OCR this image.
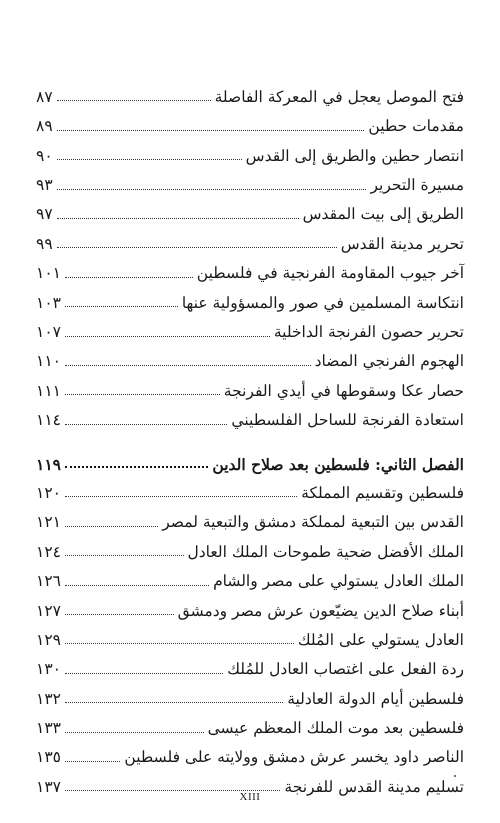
فتح الموصل يعجل في المعركة الفاصلة
٨٧
مقدمات حطين
٨٩
انتصار حطين والطريق إلى القدس
٩٠
مسيرة التحرير
٩٣
الطريق إلى بيت المقدس
٩٧
تحرير مدينة القدس
٩٩
آخر جيوب المقاومة الفرنجية في فلسطين
١٠١
انتكاسة المسلمين في صور والمسؤولية عنها
١٠٣
تحرير حصون الفرنجة الداخلية
١٠٧
الهجوم الفرنجي المضاد
١١٠
حصار عكا وسقوطها في أيدي الفرنجة
١١١
استعادة الفرنجة للساحل الفلسطيني
١١٤
الفصل الثاني: فلسطين بعد صلاح الدين
١١٩
فلسطين وتقسيم المملكة
١٢٠
القدس بين التبعية لمملكة دمشق والتبعية لمصر
١٢١
الملك الأفضل ضحية طموحات الملك العادل
١٢٤
الملك العادل يستولي على مصر والشام
١٢٦
أبناء صلاح الدين يضيّعون عرش مصر ودمشق
١٢٧
العادل يستولي على المُلك
١٢٩
ردة الفعل على اغتصاب العادل للمُلك
١٣٠
فلسطين أيام الدولة العادلية
١٣٢
فلسطين بعد موت الملك المعظم عيسى
١٣٣
الناصر داود يخسر عرش دمشق وولايته على فلسطين
١٣٥
تسليم مدينة القدس للفرنجة
١٣٧
XIII
